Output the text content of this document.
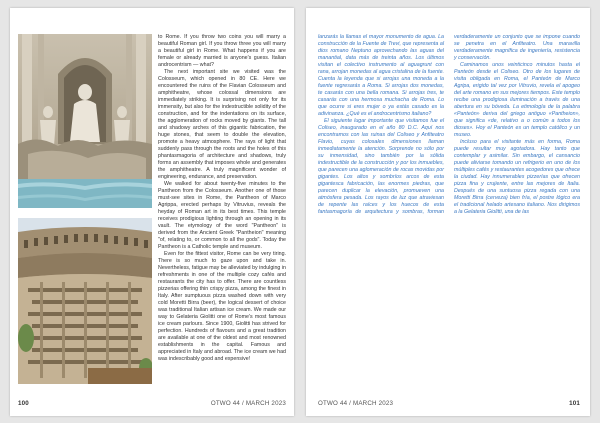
to Rome. If you throw two coins you will marry a beautiful Roman girl. If you throw three you will marry a beautiful girl in Rome. What happens if you are female or already married is anyone's guess. Italian androcentrism — what?

The next important site we visited was the Colosseum, which opened in 80 CE. Here we encountered the ruins of the Flavian Colosseum and amphitheatre, whose colossal dimensions are immediately striking. It is surprising not only for its immensity, but also for the indestructible solidity of the construction, and for the indentations on its surface, the agglomeration of rocks moved by giants. The tall and shadowy arches of this gigantic fabrication, the huge stones, that seem to double the elevation, promote a heavy atmosphere. The rays of light that suddenly pass through the roots and the holes of this phantasmagoria of architecture and shadows, truly forms an assembly that imposes whole and generates the amphitheatre. A truly magnificent wonder of engineering, endurance, and preservation.

We walked for about twenty-five minutes to the Pantheon from the Colosseum. Another one of those must-see sites in Rome, the Pantheon of Marco Agrippa, erected perhaps by Vitruvius, reveals the heyday of Roman art in its best times. This temple receives prodigious lighting through an opening in its vault. The etymology of the word "Pantheon" is derived from the Ancient Greek "Pantheion" meaning "of, relating to, or common to all the gods". Today the Pantheon is a Catholic temple and museum.

Even for the fittest visitor, Rome can be very tiring. There is so much to gaze upon and take in. Nevertheless, fatigue may be alleviated by indulging in refreshments in one of the multiple cozy cafés and restaurants the city has to offer. There are countless pizzerias offering thin crispy pizza, among the finest in Italy. After sumptuous pizza washed down with very cold Moretti Birra (beer), the logical dessert of choice was traditional Italian artisan ice cream. We made our way to Gelateria Giolitti one of Rome's most famous ice cream parlours. Since 1900, Giolitti has strived for perfection. Hundreds of flavours and a great tradition are available at one of the oldest and most renowned establishments in the capital. Famous and appreciated in Italy and abroad. The ice cream we had was indescribably good and expensive!

100	OTWO 44 / MARCH 2023

lanzarás la llamas el mayor monumento de agua. La construcción de la Fuente de Trevi, que representa al dios romano Neptuno aprovechando las aguas del manantial, data más de treinta años. Los últimos visitan el colectivo instrumento al aguagrunt con rana, arrojan monedas al agua cristalina de la fuente. Cuenta la leyenda que si arrojas una moneda a la fuente regresarás a Roma. Si arrojas dos monedas, te casarás con una bella romana. Si arrojas tres, te casarás con una hermosa muchacha de Roma. Lo que ocurre si eres mujer o ya estás casado es la adivinanza. ¿Qué es el androcentrismo italiano?

El siguiente lugar importante que visitamos fue el Coliseo, inaugurado en el año 80 D.C. Aquí nos encontramos con las ruinas del Coliseo y Anfiteatro Flavio, cuyas colosales dimensiones llaman inmediatamente la atención. Sorprende no sólo por su inmensidad, sino también por la sólida indestructible de la construcción y por los inmuebles, que parecen una aglomeración de rocas movidas por gigantes. Los altos y sombríos arcos de esta gigantesca fabricación, las enormes piedras, que parecen duplicar la elevación, promueven una atmósfera pesada. Los rayos de luz que atraviesan de repente las raíces y los huecos de esta fantasmagoría de arquitectura y sombras, forman verdaderamente un conjunto que se impone cuando se penetra en el Anfiteatro. Una maravilla verdaderamente magnífica de ingeniería, resistencia y conservación.

Caminamos unos veinticinco minutos hasta el Panteón desde el Coliseo. Otro de los lugares de visita obligada en Roma, el Panteón de Marco Agripa, erigido tal vez por Vitruvio, revela el apogeo del arte romano en sus mejores tiempos. Este templo recibe una prodigiosa iluminación a través de una abertura en su bóveda. La etimología de la palabra «Panteón» deriva del griego antiguo «Pantheion», que significa «de, relativo a o común a todos los dioses». Hoy el Panteón es un templo católico y un museo.

Incluso para el visitante más en forma, Roma puede resultar muy agotadora. Hay tanto que contemplar y asimilar. Sin embargo, el cansancio puede aliviarse tomando un refrigerio en uno de los múltiples cafés y restaurantes acogedores que ofrece la ciudad. Hay innumerables pizzerías que ofrecen pizza fina y crujiente, entre las mejores de Italia. Después de una suntuosa pizza regada con una Moretti Birra (cerveza) bien fría, el postre lógico era el tradicional helado artesano italiano. Nos dirigimos a la Gelateria Giolitti, una de las

OTWO 44 / MARCH 2023	101
